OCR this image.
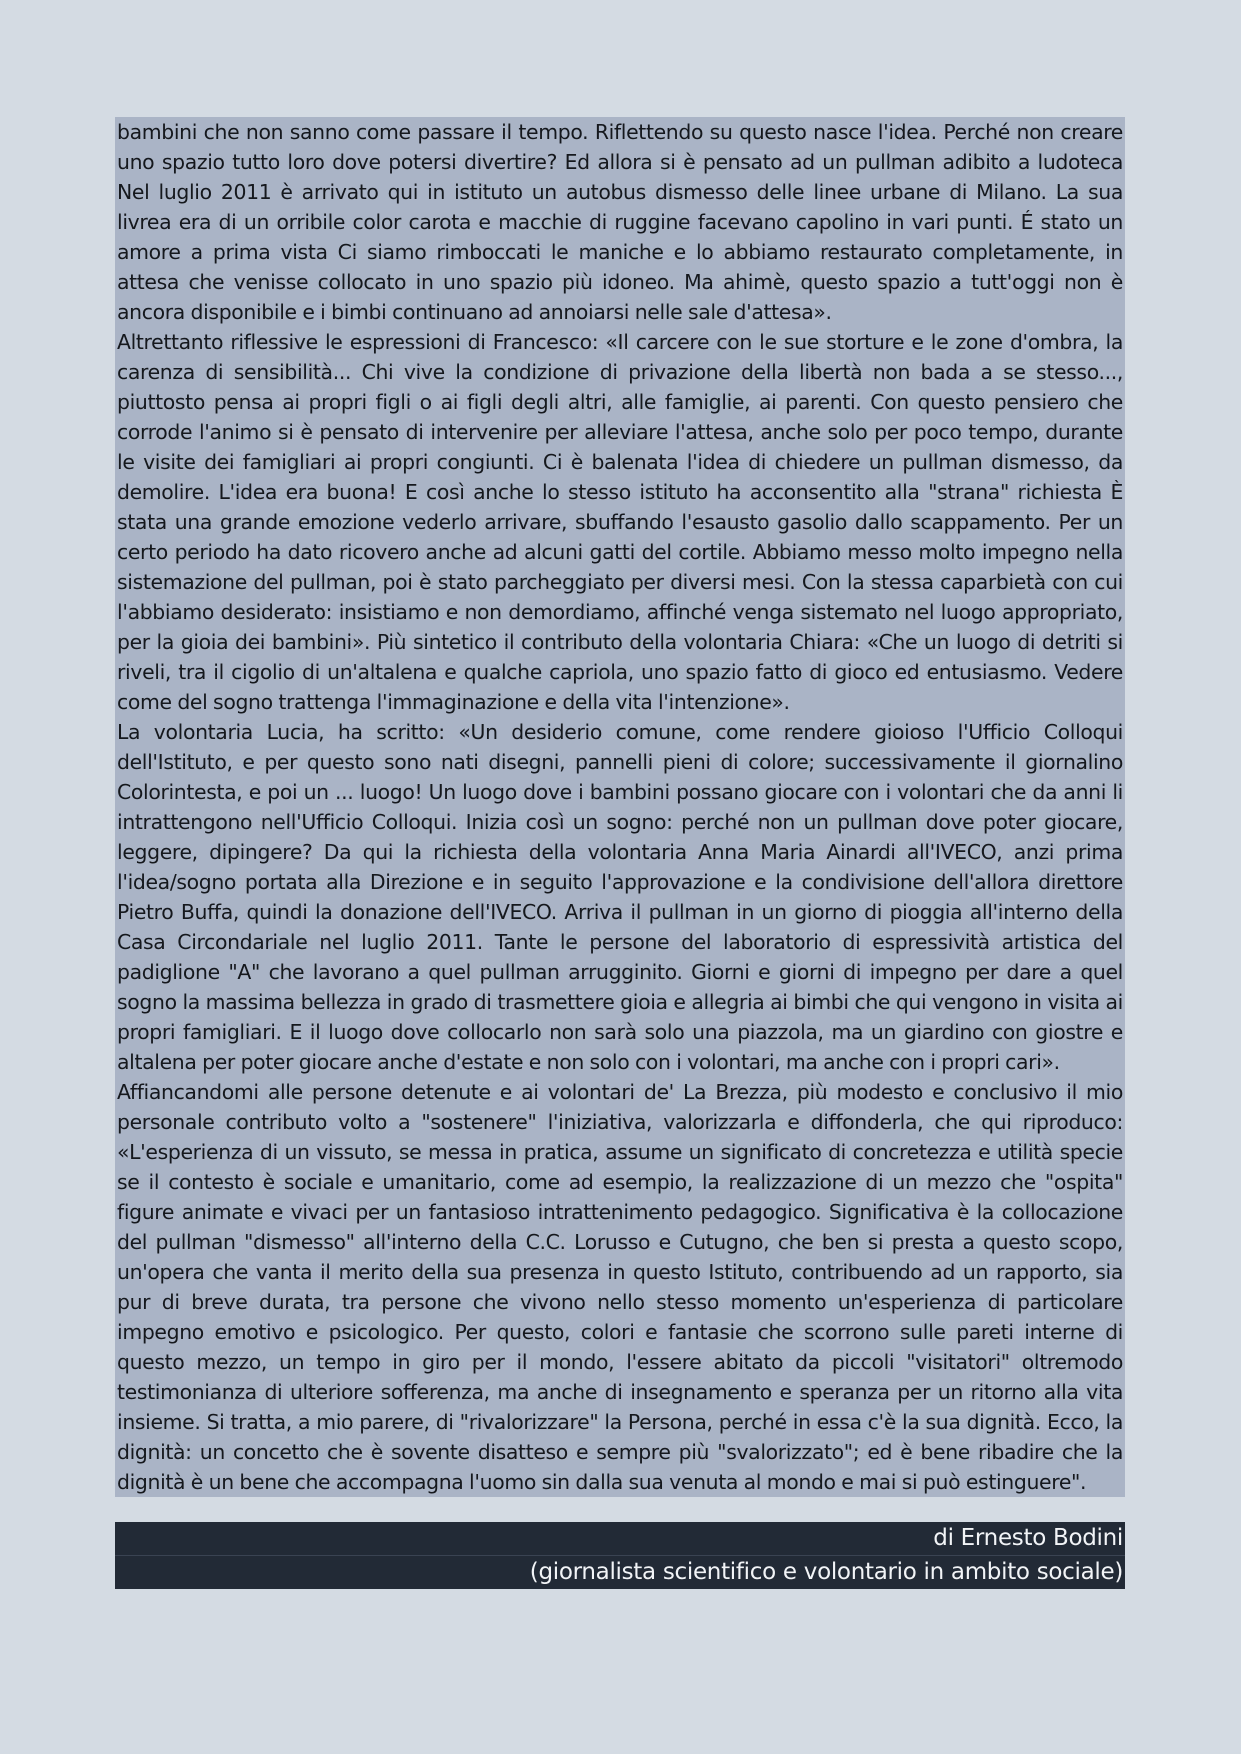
bambini che non sanno come passare il tempo. Riflettendo su questo nasce l'idea. Perché non creare uno spazio tutto loro dove potersi divertire? Ed allora si è pensato ad un pullman adibito a ludoteca Nel luglio 2011 è arrivato qui in istituto un autobus dismesso delle linee urbane di Milano. La sua livrea era di un orribile color carota e macchie di ruggine facevano capolino in vari punti. É stato un amore a prima vista Ci siamo rimboccati le maniche e lo abbiamo restaurato completamente, in attesa che venisse collocato in uno spazio più idoneo. Ma ahimè, questo spazio a tutt'oggi non è ancora disponibile e i bimbi continuano ad annoiarsi nelle sale d'attesa».

Altrettanto riflessive le espressioni di Francesco: «Il carcere con le sue storture e le zone d'ombra, la carenza di sensibilità... Chi vive la condizione di privazione della libertà non bada a se stesso..., piuttosto pensa ai propri figli o ai figli degli altri, alle famiglie, ai parenti. Con questo pensiero che corrode l'animo si è pensato di intervenire per alleviare l'attesa, anche solo per poco tempo, durante le visite dei famigliari ai propri congiunti. Ci è balenata l'idea di chiedere un pullman dismesso, da demolire. L'idea era buona! E così anche lo stesso istituto ha acconsentito alla "strana" richiesta È stata una grande emozione vederlo arrivare, sbuffando l'esausto gasolio dallo scappamento. Per un certo periodo ha dato ricovero anche ad alcuni gatti del cortile. Abbiamo messo molto impegno nella sistemazione del pullman, poi è stato parcheggiato per diversi mesi. Con la stessa caparbietà con cui l'abbiamo desiderato: insistiamo e non demordiamo, affinché venga sistemato nel luogo appropriato, per la gioia dei bambini». Più sintetico il contributo della volontaria Chiara: «Che un luogo di detriti si riveli, tra il cigolio di un'altalena e qualche capriola, uno spazio fatto di gioco ed entusiasmo. Vedere come del sogno trattenga l'immaginazione e della vita l'intenzione».

La volontaria Lucia, ha scritto: «Un desiderio comune, come rendere gioioso l'Ufficio Colloqui dell'Istituto, e per questo sono nati disegni, pannelli pieni di colore; successivamente il giornalino Colorintesta, e poi un ... luogo! Un luogo dove i bambini possano giocare con i volontari che da anni li intrattengono nell'Ufficio Colloqui. Inizia così un sogno: perché non un pullman dove poter giocare, leggere, dipingere? Da qui la richiesta della volontaria Anna Maria Ainardi all'IVECO, anzi prima l'idea/sogno portata alla Direzione e in seguito l'approvazione e la condivisione dell'allora direttore Pietro Buffa, quindi la donazione dell'IVECO. Arriva il pullman in un giorno di pioggia all'interno della Casa Circondariale nel luglio 2011. Tante le persone del laboratorio di espressività artistica del padiglione "A" che lavorano a quel pullman arrugginito. Giorni e giorni di impegno per dare a quel sogno la massima bellezza in grado di trasmettere gioia e allegria ai bimbi che qui vengono in visita ai propri famigliari. E il luogo dove collocarlo non sarà solo una piazzola, ma un giardino con giostre e altalena per poter giocare anche d'estate e non solo con i volontari, ma anche con i propri cari».

Affiancandomi alle persone detenute e ai volontari de' La Brezza, più modesto e conclusivo il mio personale contributo volto a "sostenere" l'iniziativa, valorizzarla e diffonderla, che qui riproduco: «L'esperienza di un vissuto, se messa in pratica, assume un significato di concretezza e utilità specie se il contesto è sociale e umanitario, come ad esempio, la realizzazione di un mezzo che "ospita" figure animate e vivaci per un fantasioso intrattenimento pedagogico. Significativa è la collocazione del pullman "dismesso" all'interno della C.C. Lorusso e Cutugno, che ben si presta a questo scopo, un'opera che vanta il merito della sua presenza in questo Istituto, contribuendo ad un rapporto, sia pur di breve durata, tra persone che vivono nello stesso momento un'esperienza di particolare impegno emotivo e psicologico. Per questo, colori e fantasie che scorrono sulle pareti interne di questo mezzo, un tempo in giro per il mondo, l'essere abitato da piccoli "visitatori" oltremodo testimonianza di ulteriore sofferenza, ma anche di insegnamento e speranza per un ritorno alla vita insieme. Si tratta, a mio parere, di "rivalorizzare" la Persona, perché in essa c'è la sua dignità. Ecco, la dignità: un concetto che è sovente disatteso e sempre più "svalorizzato"; ed è bene ribadire che la dignità è un bene che accompagna l'uomo sin dalla sua venuta al mondo e mai si può estinguere".

di Ernesto Bodini
(giornalista scientifico e volontario in ambito sociale)
